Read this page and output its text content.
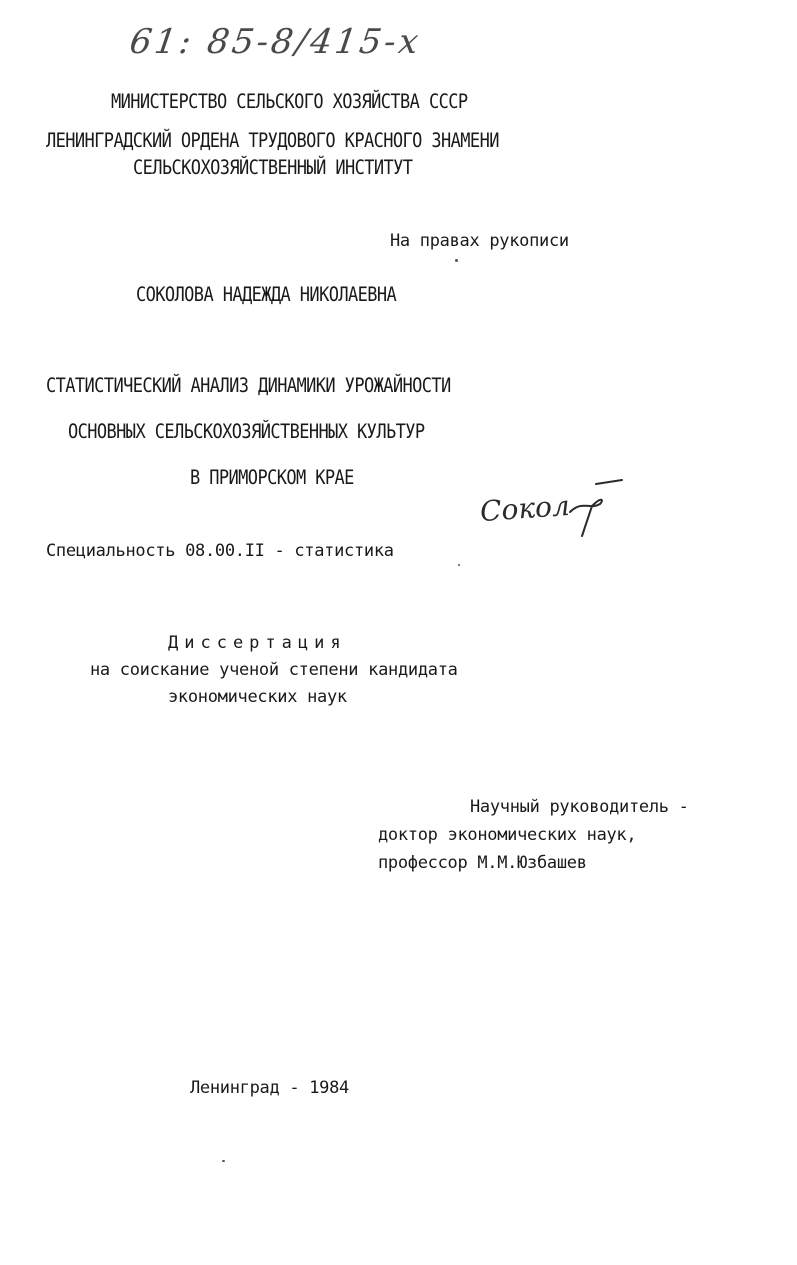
61: 85-8/415-x
МИНИСТЕРСТВО СЕЛЬСКОГО ХОЗЯЙСТВА СССР
ЛЕНИНГРАДСКИЙ ОРДЕНА ТРУДОВОГО КРАСНОГО ЗНАМЕНИ
СЕЛЬСКОХОЗЯЙСТВЕННЫЙ ИНСТИТУТ
На правах рукописи
СОКОЛОВА НАДЕЖДА НИКОЛАЕВНА
СТАТИСТИЧЕСКИЙ АНАЛИЗ ДИНАМИКИ УРОЖАЙНОСТИ
ОСНОВНЫХ СЕЛЬСКОХОЗЯЙСТВЕННЫХ КУЛЬТУР
В ПРИМОРСКОМ КРАЕ
Сокол
Специальность 08.00.II - статистика
Диссертация
на соискание ученой степени кандидата
экономических наук
Научный руководитель -
доктор экономических наук,
профессор М.М.Юзбашев
Ленинград - 1984
